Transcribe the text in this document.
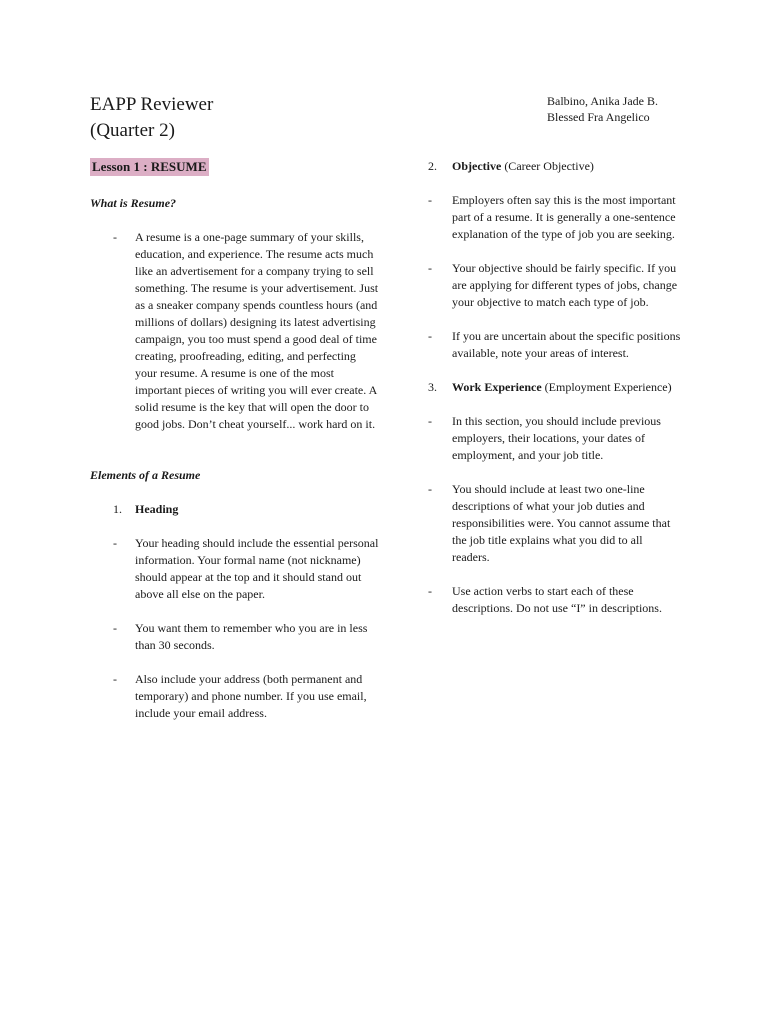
EAPP Reviewer
(Quarter 2)
Balbino, Anika Jade B.
Blessed Fra Angelico
Lesson 1 : RESUME
What is Resume?
-	A resume is a one-page summary of your skills, education, and experience. The resume acts much like an advertisement for a company trying to sell something. The resume is your advertisement. Just as a sneaker company spends countless hours (and millions of dollars) designing its latest advertising campaign, you too must spend a good deal of time creating, proofreading, editing, and perfecting your resume. A resume is one of the most important pieces of writing you will ever create. A solid resume is the key that will open the door to good jobs. Don’t cheat yourself... work hard on it.
Elements of a Resume
1.	Heading
-	Your heading should include the essential personal information. Your formal name (not nickname) should appear at the top and it should stand out above all else on the paper.
-	You want them to remember who you are in less than 30 seconds.
-	Also include your address (both permanent and temporary) and phone number. If you use email, include your email address.
2.	Objective (Career Objective)
-	Employers often say this is the most important part of a resume. It is generally a one-sentence explanation of the type of job you are seeking.
-	Your objective should be fairly specific. If you are applying for different types of jobs, change your objective to match each type of job.
-	If you are uncertain about the specific positions available, note your areas of interest.
3.	Work Experience (Employment Experience)
-	In this section, you should include previous employers, their locations, your dates of employment, and your job title.
-	You should include at least two one-line descriptions of what your job duties and responsibilities were. You cannot assume that the job title explains what you did to all readers.
-	Use action verbs to start each of these descriptions. Do not use “I” in descriptions.
